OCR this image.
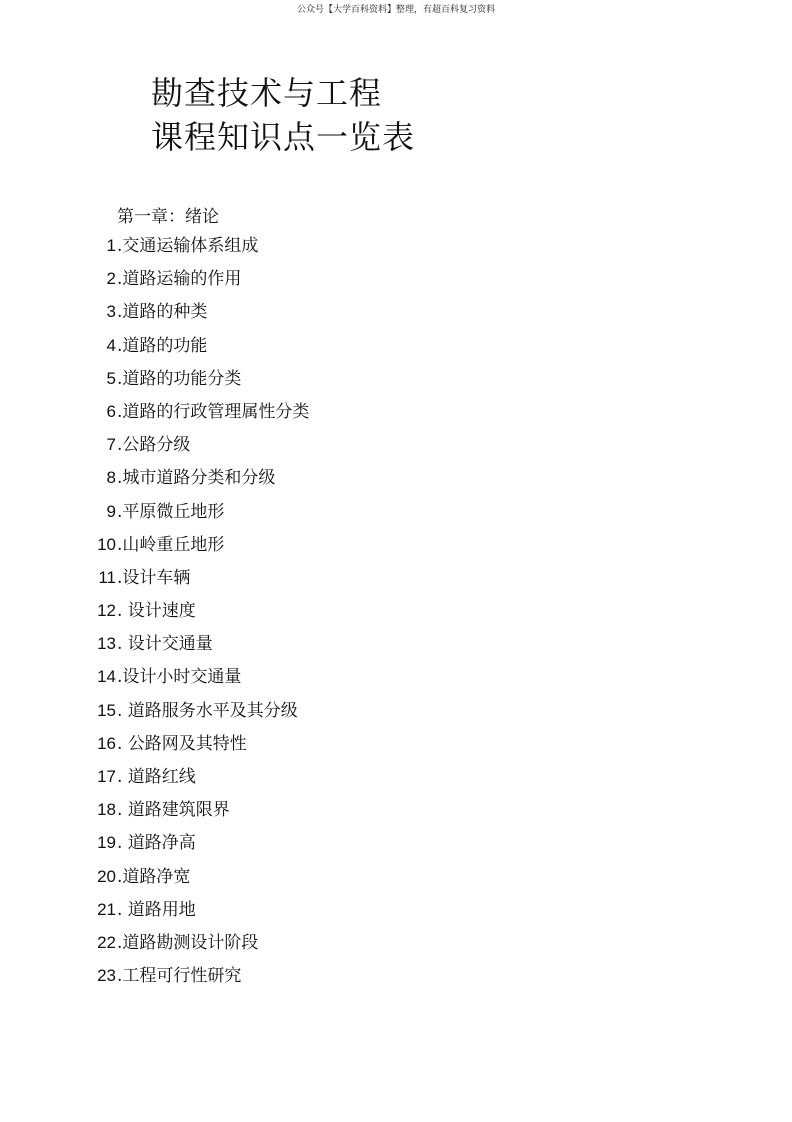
公众号【大学百科资料】整理，有超百科复习资料
勘查技术与工程
课程知识点一览表
第一章：绪论
1 .交通运输体系组成
2 .道路运输的作用
3 .道路的种类
4 .道路的功能
5 .道路的功能分类
6 .道路的行政管理属性分类
7 .公路分级
8 .城市道路分类和分级
9 .平原微丘地形
10 .山岭重丘地形
11 .设计车辆
12 . 设计速度
13 . 设计交通量
14 .设计小时交通量
15 . 道路服务水平及其分级
16 . 公路网及其特性
17 . 道路红线
18 . 道路建筑限界
19 . 道路净高
20 .道路净宽
21 . 道路用地
22 .道路勘测设计阶段
23 .工程可行性研究
